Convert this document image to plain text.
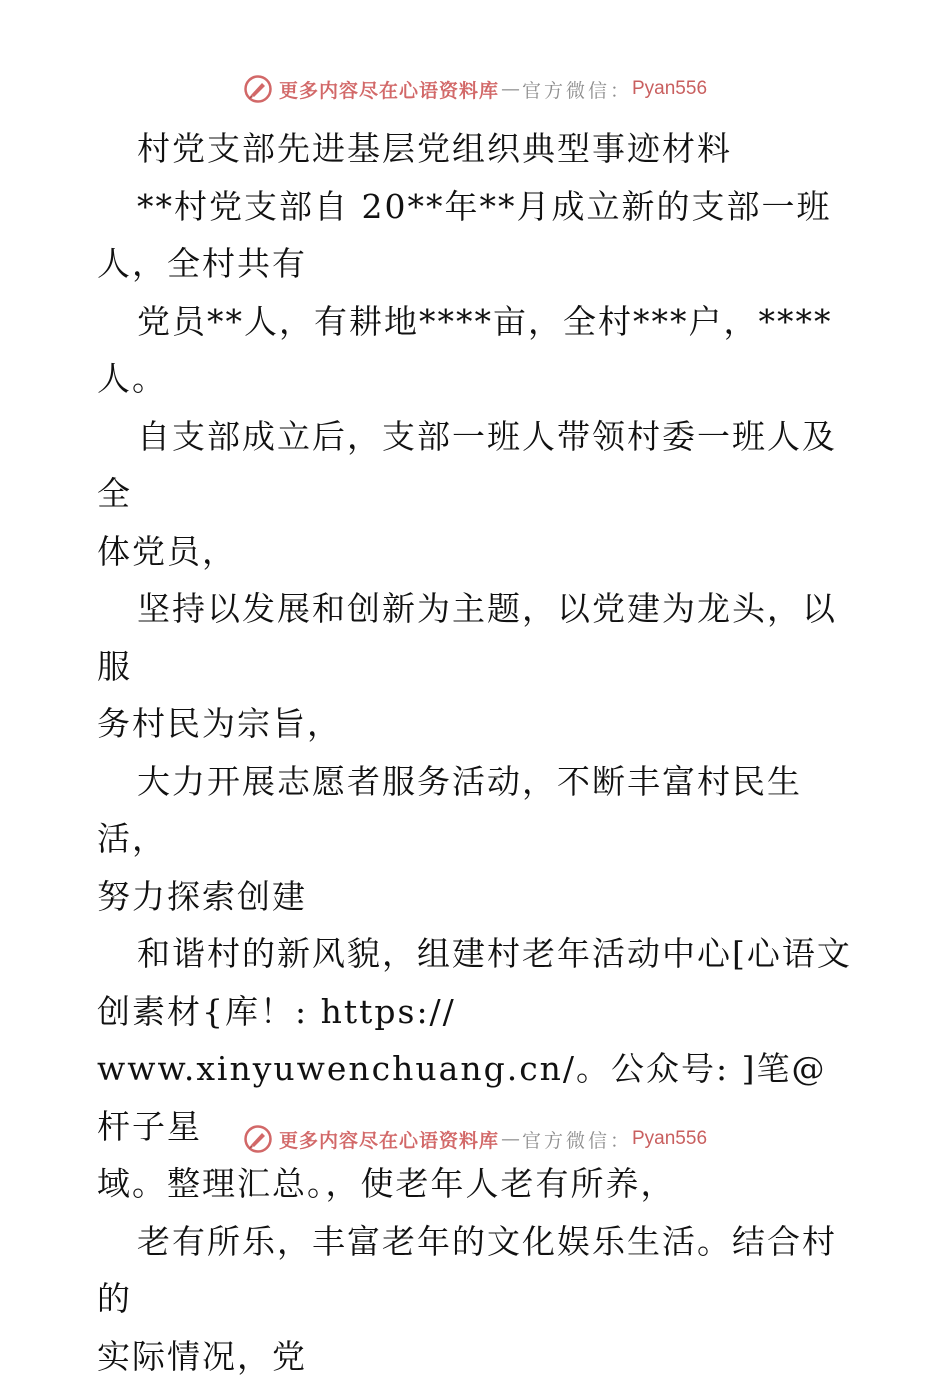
更多内容尽在心语资料库 — 官方微信： Pyan556

村党支部先进基层党组织典型事迹材料

**村党支部自 20**年**月成立新的支部一班
人，全村共有

党员**人，有耕地****亩，全村***户，****
人。

自支部成立后，支部一班人带领村委一班人及全
体党员，

坚持以发展和创新为主题，以党建为龙头，以服
务村民为宗旨，

大力开展志愿者服务活动，不断丰富村民生活，
努力探索创建

和谐村的新风貌，组建村老年活动中心[心语文
创素材{库！: https://

www.xinyuwenchuang.cn/。公众号: ]笔@杆子星

域。整理汇总。，使老年人老有所养，

老有所乐，丰富老年的文化娱乐生活。结合村的
实际情况，党

更多内容尽在心语资料库 — 官方微信： Pyan556
